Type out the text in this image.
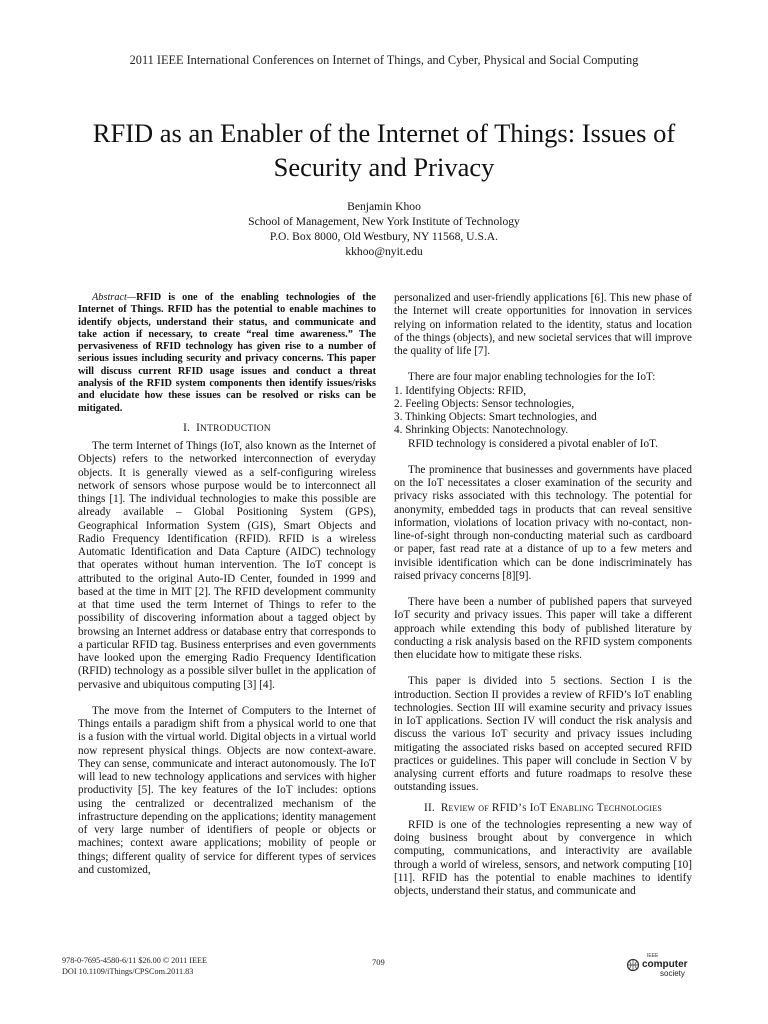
2011 IEEE International Conferences on Internet of Things, and Cyber, Physical and Social Computing
RFID as an Enabler of the Internet of Things: Issues of Security and Privacy
Benjamin Khoo
School of Management, New York Institute of Technology
P.O. Box 8000, Old Westbury, NY 11568, U.S.A.
kkhoo@nyit.edu

Abstract—RFID is one of the enabling technologies of the Internet of Things. RFID has the potential to enable machines to identify objects, understand their status, and communicate and take action if necessary, to create “real time awareness.” The pervasiveness of RFID technology has given rise to a number of serious issues including security and privacy concerns. This paper will discuss current RFID usage issues and conduct a threat analysis of the RFID system components then identify issues/risks and elucidate how these issues can be resolved or risks can be mitigated.

I. INTRODUCTION

The term Internet of Things (IoT, also known as the Internet of Objects) refers to the networked interconnection of everyday objects. It is generally viewed as a self-configuring wireless network of sensors whose purpose would be to interconnect all things [1]. The individual technologies to make this possible are already available – Global Positioning System (GPS), Geographical Information System (GIS), Smart Objects and Radio Frequency Identification (RFID). RFID is a wireless Automatic Identification and Data Capture (AIDC) technology that operates without human intervention. The IoT concept is attributed to the original Auto-ID Center, founded in 1999 and based at the time in MIT [2]. The RFID development community at that time used the term Internet of Things to refer to the possibility of discovering information about a tagged object by browsing an Internet address or database entry that corresponds to a particular RFID tag. Business enterprises and even governments have looked upon the emerging Radio Frequency Identification (RFID) technology as a possible silver bullet in the application of pervasive and ubiquitous computing [3] [4].

The move from the Internet of Computers to the Internet of Things entails a paradigm shift from a physical world to one that is a fusion with the virtual world. Digital objects in a virtual world now represent physical things. Objects are now context-aware. They can sense, communicate and interact autonomously. The IoT will lead to new technology applications and services with higher productivity [5]. The key features of the IoT includes: options using the centralized or decentralized mechanism of the infrastructure depending on the applications; identity management of very large number of identifiers of people or objects or machines; context aware applications; mobility of people or things; different quality of service for different types of services and customized,

personalized and user-friendly applications [6]. This new phase of the Internet will create opportunities for innovation in services relying on information related to the identity, status and location of the things (objects), and new societal services that will improve the quality of life [7].

There are four major enabling technologies for the IoT:

1. Identifying Objects: RFID,
2. Feeling Objects: Sensor technologies,
3. Thinking Objects: Smart technologies, and
4. Shrinking Objects: Nanotechnology.

RFID technology is considered a pivotal enabler of IoT.

The prominence that businesses and governments have placed on the IoT necessitates a closer examination of the security and privacy risks associated with this technology. The potential for anonymity, embedded tags in products that can reveal sensitive information, violations of location privacy with no-contact, non-line-of-sight through non-conducting material such as cardboard or paper, fast read rate at a distance of up to a few meters and invisible identification which can be done indiscriminately has raised privacy concerns [8][9].

There have been a number of published papers that surveyed IoT security and privacy issues. This paper will take a different approach while extending this body of published literature by conducting a risk analysis based on the RFID system components then elucidate how to mitigate these risks.

This paper is divided into 5 sections. Section I is the introduction. Section II provides a review of RFID’s IoT enabling technologies. Section III will examine security and privacy issues in IoT applications. Section IV will conduct the risk analysis and discuss the various IoT security and privacy issues including mitigating the associated risks based on accepted secured RFID practices or guidelines. This paper will conclude in Section V by analysing current efforts and future roadmaps to resolve these outstanding issues.

II. Review of RFID’s IoT Enabling Technologies

RFID is one of the technologies representing a new way of doing business brought about by convergence in which computing, communications, and interactivity are available through a world of wireless, sensors, and network computing [10][11]. RFID has the potential to enable machines to identify objects, understand their status, and communicate and

978-0-7695-4580-6/11 $26.00 © 2011 IEEE
DOI 10.1109/iThings/CPSCom.2011.83
709
IEEE
computer
society
